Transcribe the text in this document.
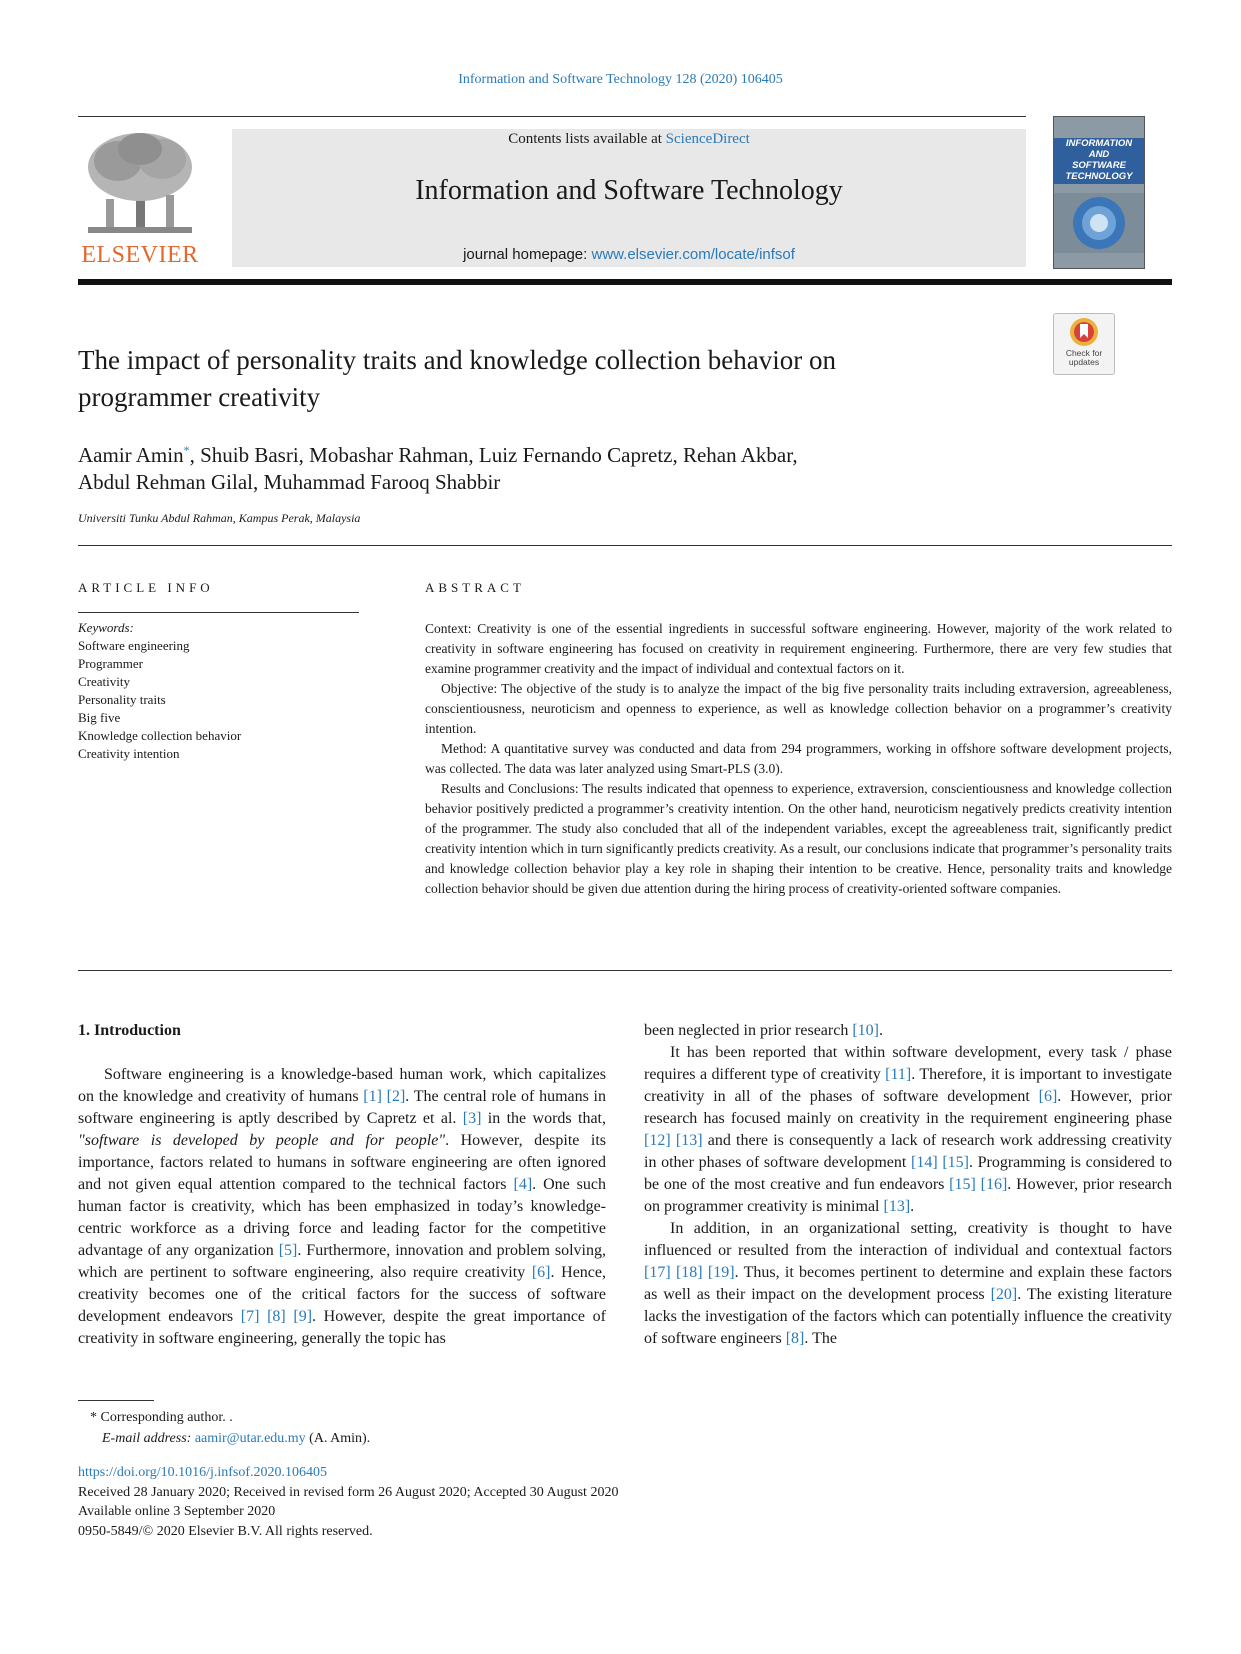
Information and Software Technology 128 (2020) 106405
ELSEVIER
Contents lists available at ScienceDirect
Information and Software Technology
journal homepage: www.elsevier.com/locate/infsof
INFORMATION
AND
SOFTWARE
TECHNOLOGY
Check for
updates
The impact of personality traits and knowledge collection behavior on
programmer creativity
Aamir Amin*, Shuib Basri, Mobashar Rahman, Luiz Fernando Capretz, Rehan Akbar,
Abdul Rehman Gilal, Muhammad Farooq Shabbir
Universiti Tunku Abdul Rahman, Kampus Perak, Malaysia
ARTICLE INFO
Keywords:
Software engineering
Programmer
Creativity
Personality traits
Big five
Knowledge collection behavior
Creativity intention
ABSTRACT

Context: Creativity is one of the essential ingredients in successful software engineering. However, majority of the work related to creativity in software engineering has focused on creativity in requirement engineering. Furthermore, there are very few studies that examine programmer creativity and the impact of individual and contextual factors on it.

Objective: The objective of the study is to analyze the impact of the big five personality traits including extraversion, agreeableness, conscientiousness, neuroticism and openness to experience, as well as knowledge collection behavior on a programmer’s creativity intention.

Method: A quantitative survey was conducted and data from 294 programmers, working in offshore software development projects, was collected. The data was later analyzed using Smart-PLS (3.0).

Results and Conclusions: The results indicated that openness to experience, extraversion, conscientiousness and knowledge collection behavior positively predicted a programmer’s creativity intention. On the other hand, neuroticism negatively predicts creativity intention of the programmer. The study also concluded that all of the independent variables, except the agreeableness trait, significantly predict creativity intention which in turn significantly predicts creativity. As a result, our conclusions indicate that programmer’s personality traits and knowledge collection behavior play a key role in shaping their intention to be creative. Hence, personality traits and knowledge collection behavior should be given due attention during the hiring process of creativity-oriented software companies.

1. Introduction

Software engineering is a knowledge-based human work, which capitalizes on the knowledge and creativity of humans [1] [2]. The central role of humans in software engineering is aptly described by Capretz et al. [3] in the words that, "software is developed by people and for people". However, despite its importance, factors related to humans in software engineering are often ignored and not given equal attention compared to the technical factors [4]. One such human factor is creativity, which has been emphasized in today’s knowledge-centric workforce as a driving force and leading factor for the competitive advantage of any organization [5]. Furthermore, innovation and problem solving, which are pertinent to software engineering, also require creativity [6]. Hence, creativity becomes one of the critical factors for the success of software development endeavors [7] [8] [9]. However, despite the great importance of creativity in software engineering, generally the topic has

been neglected in prior research [10].

It has been reported that within software development, every task / phase requires a different type of creativity [11]. Therefore, it is important to investigate creativity in all of the phases of software development [6]. However, prior research has focused mainly on creativity in the requirement engineering phase [12] [13] and there is consequently a lack of research work addressing creativity in other phases of software development [14] [15]. Programming is considered to be one of the most creative and fun endeavors [15] [16]. However, prior research on programmer creativity is minimal [13].

In addition, in an organizational setting, creativity is thought to have influenced or resulted from the interaction of individual and contextual factors [17] [18] [19]. Thus, it becomes pertinent to determine and explain these factors as well as their impact on the development process [20]. The existing literature lacks the investigation of the factors which can potentially influence the creativity of software engineers [8]. The

* Corresponding author. .
E-mail address: aamir@utar.edu.my (A. Amin).
https://doi.org/10.1016/j.infsof.2020.106405
Received 28 January 2020; Received in revised form 26 August 2020; Accepted 30 August 2020
Available online 3 September 2020
0950-5849/© 2020 Elsevier B.V. All rights reserved.
